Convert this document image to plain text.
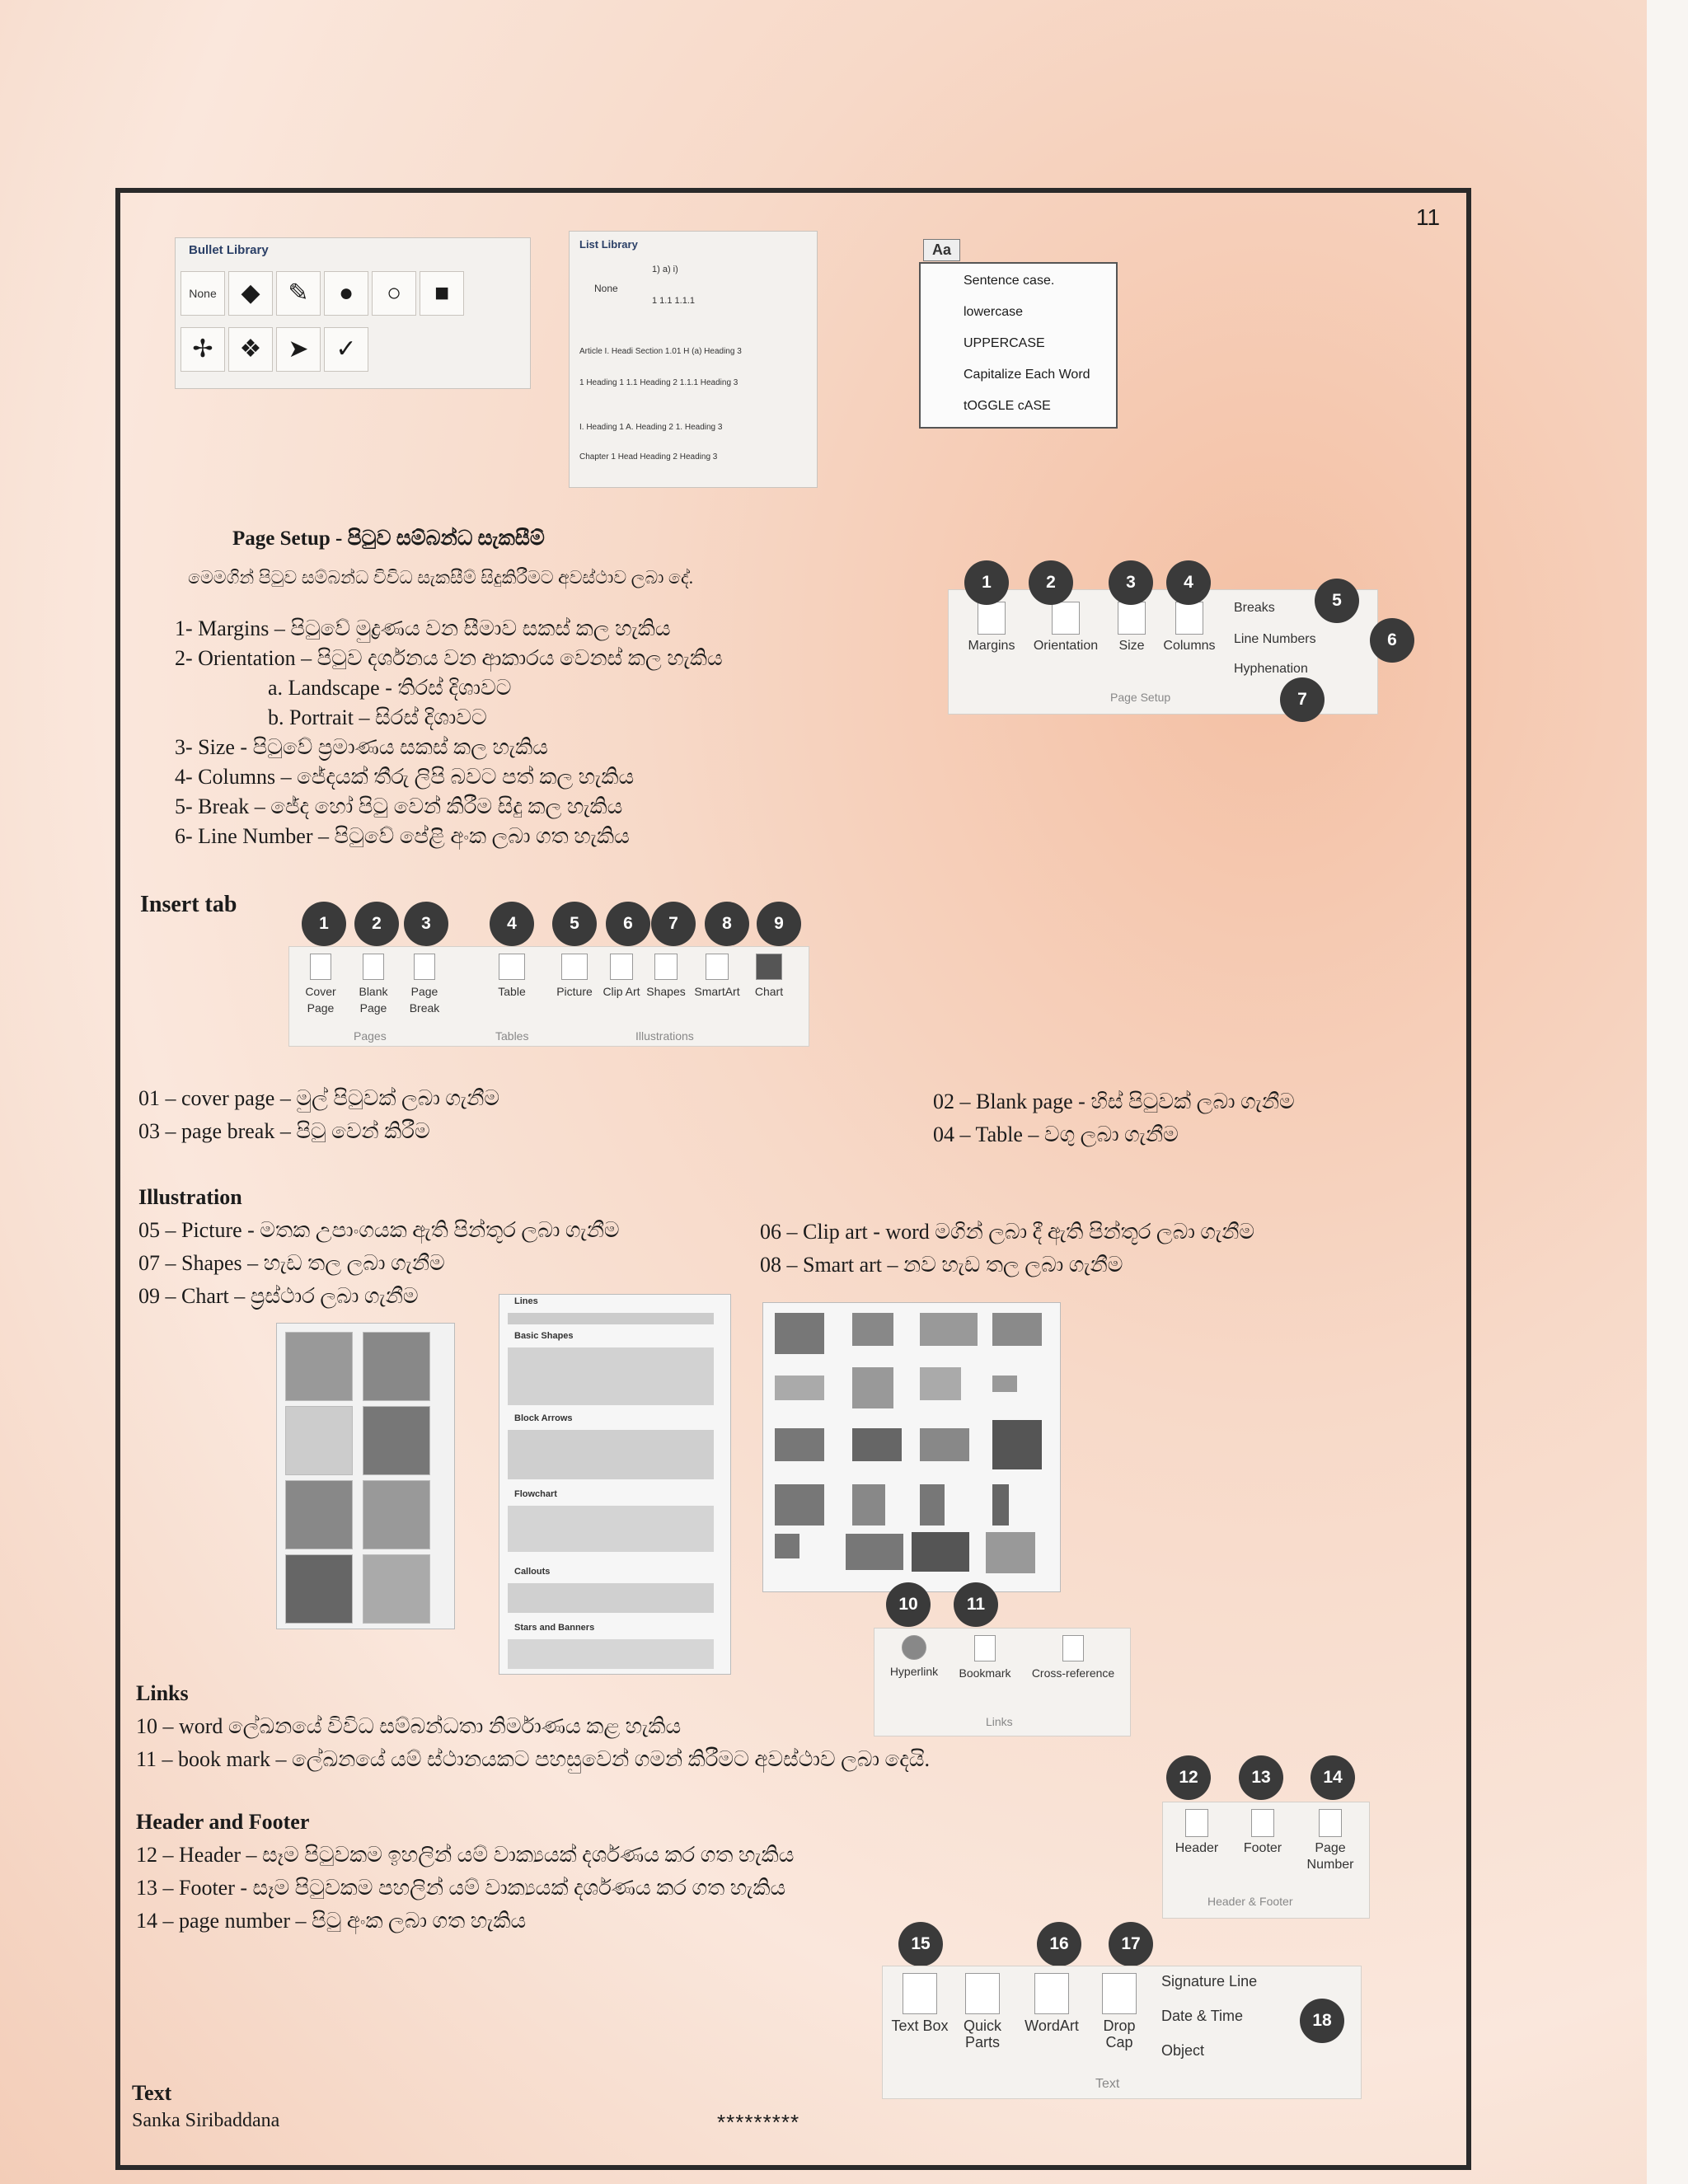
11
Bullet Library
None ◆	✎	●	○	■
✢	❖	➤	✓
List Library
None
1) a) i)
1 1.1 1.1.1
Article I. Headi Section 1.01 H (a) Heading 3
1 Heading 1 1.1 Heading 2 1.1.1 Heading 3
I. Heading 1 A. Heading 2 1. Heading 3
Chapter 1 Head Heading 2 Heading 3
Aa
Sentence case.
lowercase
UPPERCASE
Capitalize Each Word
tOGGLE cASE
Page Setup - පිටුව සම්බන්ධ සැකසීම්
මෙමගින් පිටුව සම්බන්ධ විවිධ සැකසීම් සිදුකිරීමට අවස්ථාව ලබා දේ.
1- Margins – පිටුවේ මුද්‍රණය වන සීමාව සකස් කල හැකිය
2- Orientation – පිටුව දර්ශනය වන ආකාරය වෙනස් කල හැකිය
a. Landscape - තිරස් දිශාවට
b. Portrait – සිරස් දිශාවට
3- Size - පිටුවේ ප්‍රමාණය සකස් කල හැකිය
4- Columns – ජේදයක් තීරු ලිපි බවට පත් කල හැකිය
5- Break – ජේද හෝ පිටු වෙන් කිරීම සිදු කල හැකිය
6- Line Number – පිටුවේ පේළි අංක ලබා ගත හැකිය
Margins	Orientation	Size	Columns
Breaks
Line Numbers
Hyphenation
Page Setup
1	2	3	4
5
6
7
Insert tab
1	2	3	4	5	6	7	8	9
Cover Page
Blank Page
Page Break
Table	Picture Clip Art Shapes SmartArt	Chart
Pages	Tables	Illustrations
01 – cover page – මුල් පිටුවක් ලබා ගැනීම
03 – page break – පිටු වෙන් කිරීම
02 – Blank page - හිස් පිටුවක් ලබා ගැනීම
04 – Table – වගු ලබා ගැනීම
Illustration
05 – Picture - මතක උපාංගයක ඇති පින්තූර ලබා ගැනීම	06 – Clip art - word මගින් ලබා දී ඇති පින්තූර ලබා ගැනීම
07 – Shapes – හැඩ තල ලබා ගැනීම	08 – Smart art – නව හැඩ තල ලබා ගැනීම
09 – Chart – ප්‍රස්ථාර ලබා ගැනීම	Lines
Basic Shapes
Block Arrows
Flowchart
Callouts
Stars and Banners
10	11
Hyperlink	Bookmark	Cross-reference
Links
Links
10 – word ලේඛනයේ විවිධ සම්බන්ධතා නිර්මාණය කළ හැකිය
11 – book mark – ලේඛනයේ යම් ස්ථානයකට පහසුවෙන් ගමන් කිරීමට අවස්ථාව ලබා දෙයි.
12	13	14
Header	Footer	Page Number
Header & Footer
Header and Footer
12 – Header – සෑම පිටුවකම ඉහලින් යම් වාක්‍යයක් දර්ශණය කර ගත හැකිය
13 – Footer - සෑම පිටුවකම පහලින් යම් වාක්‍යයක් දර්ශණය කර ගත හැකිය
14 – page number – පිටු අංක ලබා ගත හැකිය
15	16	17
Text Box	Quick Parts
WordArt	Drop Cap
Signature Line
Date & Time
Object
Text
18
Text
Sanka Siribaddana	*********
